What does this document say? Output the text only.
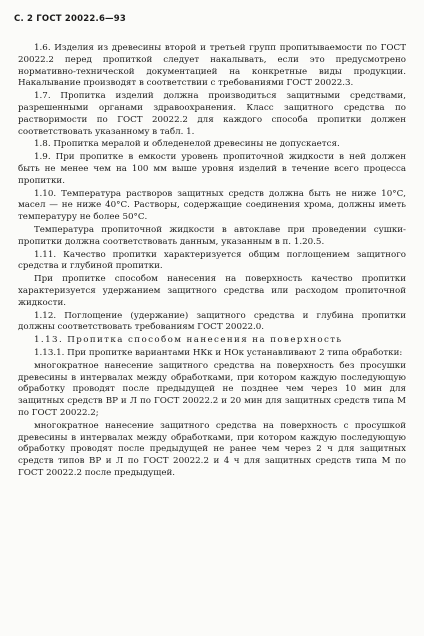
С. 2 ГОСТ 20022.6—93

1.6. Изделия из древесины второй и третьей групп пропитываемости по ГОСТ 20022.2 перед пропиткой следует накалывать, если это предусмотрено нормативно-технической документацией на конкретные виды продукции. Накалывание производят в соответствии с требованиями ГОСТ 20022.3.

1.7. Пропитка изделий должна производиться защитными средствами, разрешенными органами здравоохранения. Класс защитного средства по растворимости по ГОСТ 20022.2 для каждого способа пропитки должен соответствовать указанному в табл. 1.

1.8. Пропитка мералой и обледенелой древесины не допускается.

1.9. При пропитке в емкости уровень пропиточной жидкости в ней должен быть не менее чем на 100 мм выше уровня изделий в течение всего процесса пропитки.

1.10. Температура растворов защитных средств должна быть не ниже 10°С, масел — не ниже 40°С. Растворы, содержащие соединения хрома, должны иметь температуру не более 50°С.

Температура пропиточной жидкости в автоклаве при проведении сушки-пропитки должна соответствовать данным, указанным в п. 1.20.5.

1.11. Качество пропитки характеризуется общим поглощением защитного средства и глубиной пропитки.

При пропитке способом нанесения на поверхность качество пропитки характеризуется удержанием защитного средства или расходом пропиточной жидкости.

1.12. Поглощение (удержание) защитного средства и глубина пропитки должны соответствовать требованиям ГОСТ 20022.0.

1.13. Пропитка способом нанесения на поверхность

1.13.1. При пропитке вариантами НКк и НОк устанавливают 2 типа обработки:

многократное нанесение защитного средства на поверхность без просушки древесины в интервалах между обработками, при котором каждую последующую обработку проводят после предыдущей не позднее чем через 10 мин для защитных средств ВР и Л по ГОСТ 20022.2 и 20 мин для защитных средств типа М по ГОСТ 20022.2;

многократное нанесение защитного средства на поверхность с просушкой древесины в интервалах между обработками, при котором каждую последующую обработку проводят после предыдущей не ранее чем через 2 ч для защитных средств типов ВР и Л по ГОСТ 20022.2 и 4 ч для защитных средств типа М по ГОСТ 20022.2 после предыдущей.
